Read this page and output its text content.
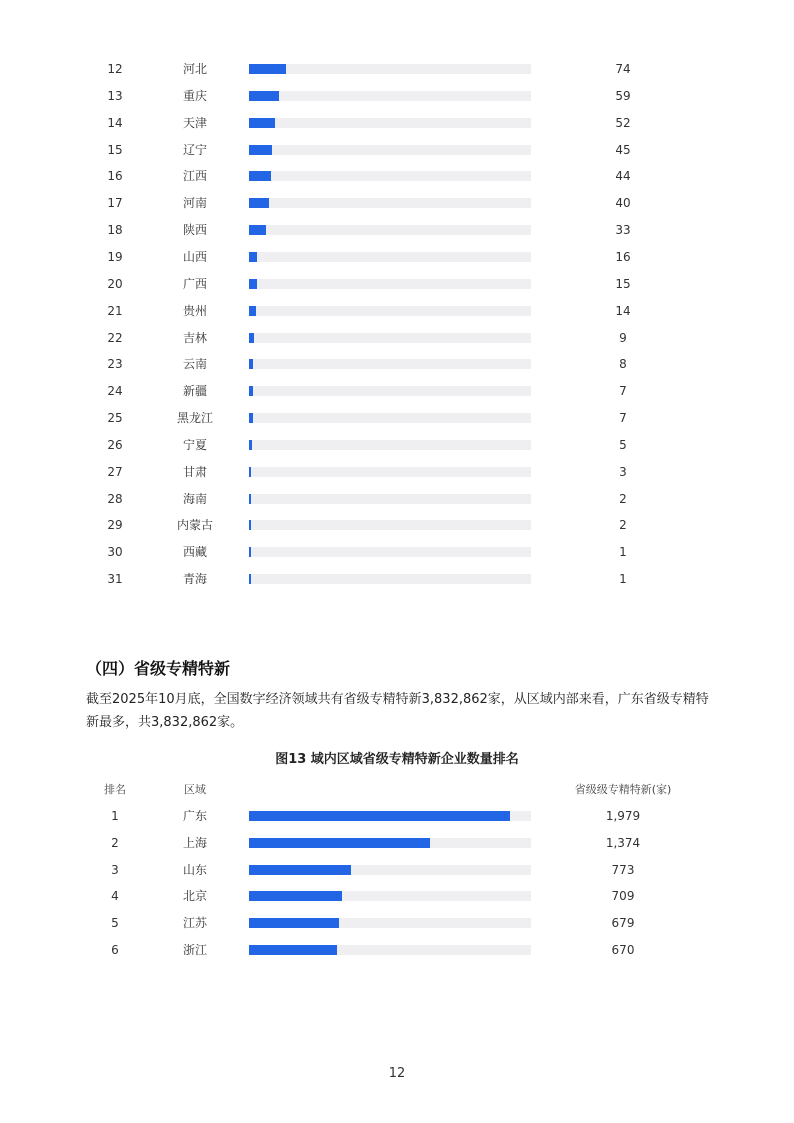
12	河北	74
13	重庆	59
14	天津	52
15	辽宁	45
16	江西	44
17	河南	40
18	陕西	33
19	山西	16
20	广西	15
21	贵州	14
22	吉林	9
23	云南	8
24	新疆	7
25	黑龙江	7
26	宁夏	5
27	甘肃	3
28	海南	2
29	内蒙古	2
30	西藏	1
31	青海	1
（四）省级专精特新

截至2025年10月底，全国数字经济领域共有省级专精特新3,832,862家，从区域内部来看，广东省级专精特新最多，共3,832,862家。

图13 域内区域省级专精特新企业数量排名
排名	区域	省级级专精特新(家)
1	广东	1,979
2	上海	1,374
3	山东	773
4	北京	709
5	江苏	679
6	浙江	670
12
